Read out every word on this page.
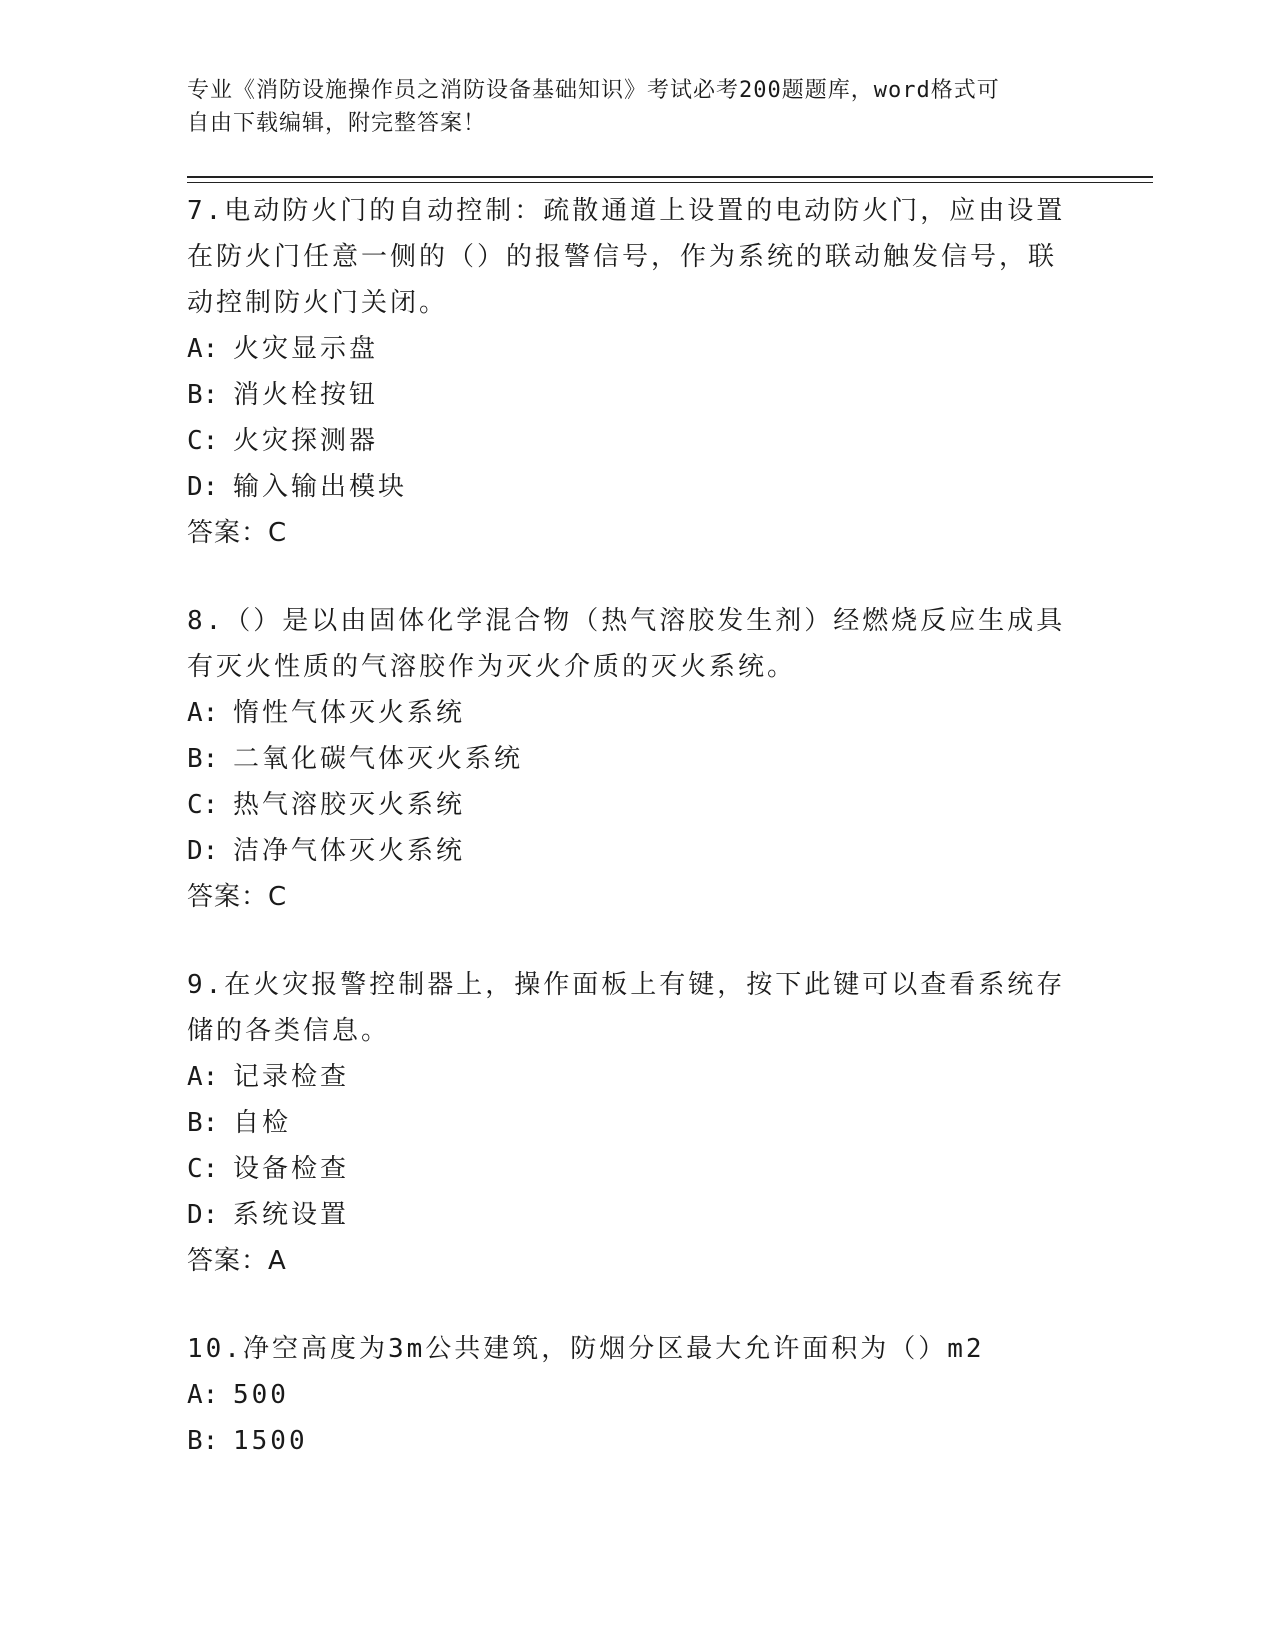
专业《消防设施操作员之消防设备基础知识》考试必考200题题库，word格式可
自由下载编辑，附完整答案！
7.电动防火门的自动控制：疏散通道上设置的电动防火门，应由设置
在防火门任意一侧的（）的报警信号，作为系统的联动触发信号，联
动控制防火门关闭。
A: 火灾显示盘
B: 消火栓按钮
C: 火灾探测器
D: 输入输出模块
答案：C
8.（）是以由固体化学混合物（热气溶胶发生剂）经燃烧反应生成具
有灭火性质的气溶胶作为灭火介质的灭火系统。
A: 惰性气体灭火系统
B: 二氧化碳气体灭火系统
C: 热气溶胶灭火系统
D: 洁净气体灭火系统
答案：C
9.在火灾报警控制器上，操作面板上有键，按下此键可以查看系统存
储的各类信息。
A: 记录检查
B: 自检
C: 设备检查
D: 系统设置
答案：A
10.净空高度为3m公共建筑，防烟分区最大允许面积为（）m2
A: 500
B: 1500
